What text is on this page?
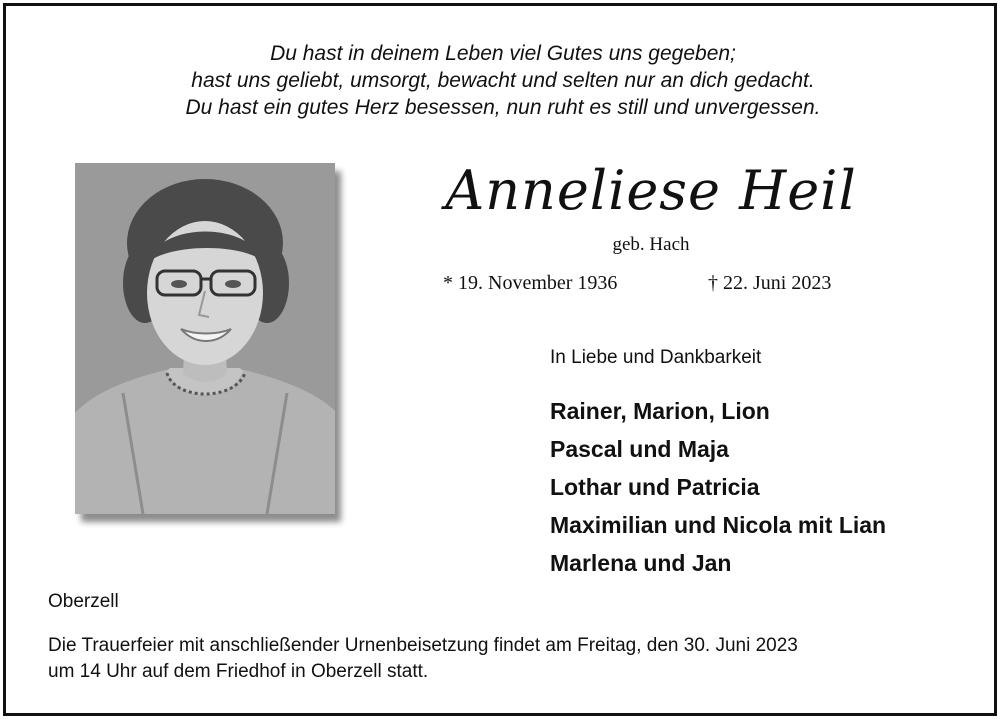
Du hast in deinem Leben viel Gutes uns gegeben;
hast uns geliebt, umsorgt, bewacht und selten nur an dich gedacht.
Du hast ein gutes Herz besessen, nun ruht es still und unvergessen.
Anneliese Heil
geb. Hach
* 19. November 1936	† 22. Juni 2023
In Liebe und Dankbarkeit
Rainer, Marion, Lion
Pascal und Maja
Lothar und Patricia
Maximilian und Nicola mit Lian
Marlena und Jan
Oberzell
Die Trauerfeier mit anschließender Urnenbeisetzung findet am Freitag, den 30. Juni 2023
um 14 Uhr auf dem Friedhof in Oberzell statt.
